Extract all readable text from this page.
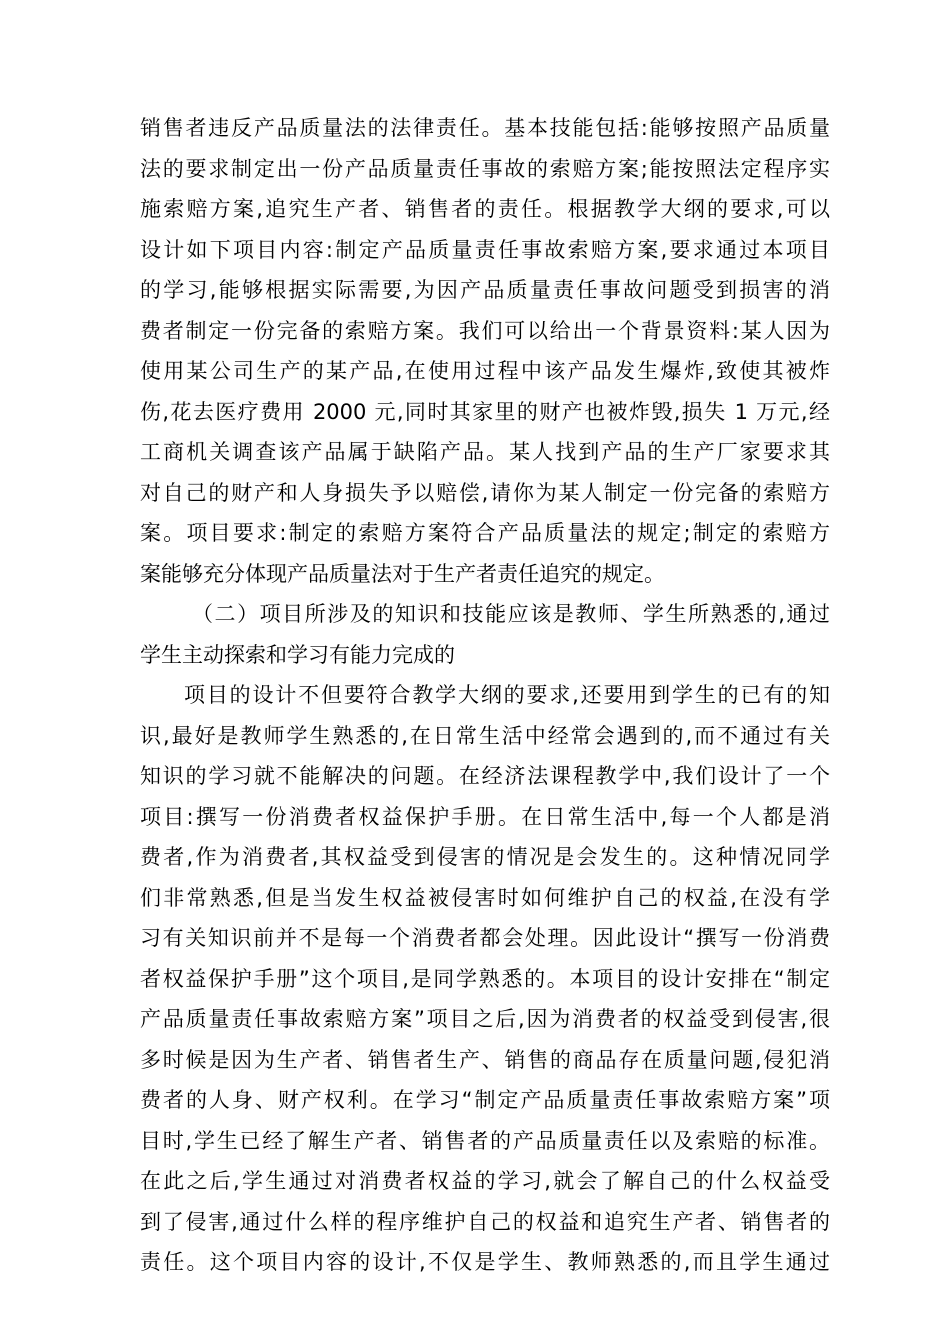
销售者违反产品质量法的法律责任。基本技能包括:能够按照产品质量
法的要求制定出一份产品质量责任事故的索赔方案;能按照法定程序实
施索赔方案,追究生产者、销售者的责任。根据教学大纲的要求,可以
设计如下项目内容:制定产品质量责任事故索赔方案,要求通过本项目
的学习,能够根据实际需要,为因产品质量责任事故问题受到损害的消
费者制定一份完备的索赔方案。我们可以给出一个背景资料:某人因为
使用某公司生产的某产品,在使用过程中该产品发生爆炸,致使其被炸
伤,花去医疗费用 2000 元,同时其家里的财产也被炸毁,损失 1 万元,经
工商机关调查该产品属于缺陷产品。某人找到产品的生产厂家要求其
对自己的财产和人身损失予以赔偿,请你为某人制定一份完备的索赔方
案。项目要求:制定的索赔方案符合产品质量法的规定;制定的索赔方
案能够充分体现产品质量法对于生产者责任追究的规定。
（二）项目所涉及的知识和技能应该是教师、学生所熟悉的,通过
学生主动探索和学习有能力完成的
项目的设计不但要符合教学大纲的要求,还要用到学生的已有的知
识,最好是教师学生熟悉的,在日常生活中经常会遇到的,而不通过有关
知识的学习就不能解决的问题。在经济法课程教学中,我们设计了一个
项目:撰写一份消费者权益保护手册。在日常生活中,每一个人都是消
费者,作为消费者,其权益受到侵害的情况是会发生的。这种情况同学
们非常熟悉,但是当发生权益被侵害时如何维护自己的权益,在没有学
习有关知识前并不是每一个消费者都会处理。因此设计“撰写一份消费
者权益保护手册”这个项目,是同学熟悉的。本项目的设计安排在“制定
产品质量责任事故索赔方案”项目之后,因为消费者的权益受到侵害,很
多时候是因为生产者、销售者生产、销售的商品存在质量问题,侵犯消
费者的人身、财产权利。在学习“制定产品质量责任事故索赔方案”项
目时,学生已经了解生产者、销售者的产品质量责任以及索赔的标准。
在此之后,学生通过对消费者权益的学习,就会了解自己的什么权益受
到了侵害,通过什么样的程序维护自己的权益和追究生产者、销售者的
责任。这个项目内容的设计,不仅是学生、教师熟悉的,而且学生通过
